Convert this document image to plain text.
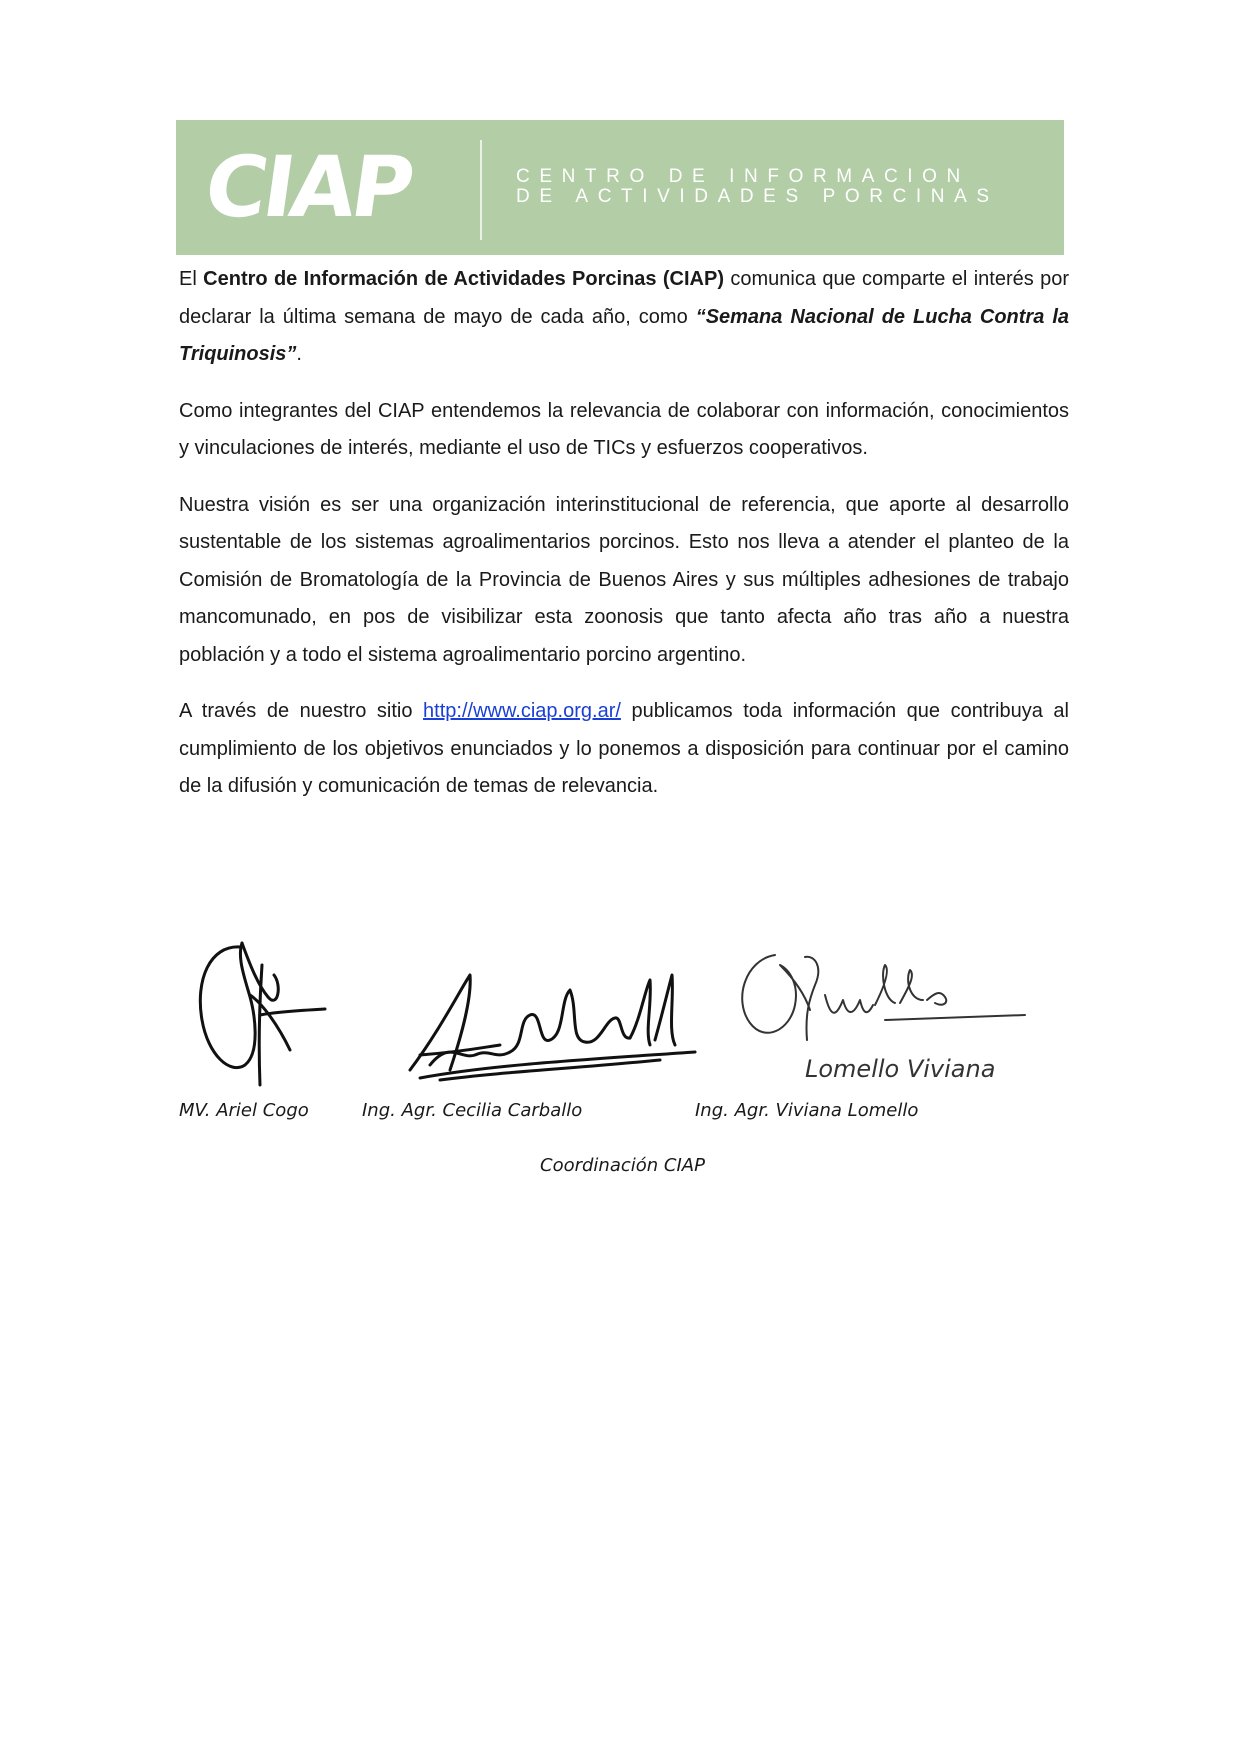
CIAP	CENTRO DE INFORMACION
DE ACTIVIDADES PORCINAS

El Centro de Información de Actividades Porcinas (CIAP) comunica que comparte el interés por declarar la última semana de mayo de cada año, como “Semana Nacional de Lucha Contra la Triquinosis”.

Como integrantes del CIAP entendemos la relevancia de colaborar con información, conocimientos y vinculaciones de interés, mediante el uso de TICs y esfuerzos cooperativos.

Nuestra visión es ser una organización interinstitucional de referencia, que aporte al desarrollo sustentable de los sistemas agroalimentarios porcinos. Esto nos lleva a atender el planteo de la Comisión de Bromatología de la Provincia de Buenos Aires y sus múltiples adhesiones de trabajo mancomunado, en pos de visibilizar esta zoonosis que tanto afecta año tras año a nuestra población y a todo el sistema agroalimentario porcino argentino.

A través de nuestro sitio http://www.ciap.org.ar/ publicamos toda información que contribuya al cumplimiento de los objetivos enunciados y lo ponemos a disposición para continuar por el camino de la difusión y comunicación de temas de relevancia.

Lomello Viviana
MV. Ariel Cogo	Ing. Agr. Cecilia Carballo	Ing. Agr. Viviana Lomello
Coordinación CIAP
